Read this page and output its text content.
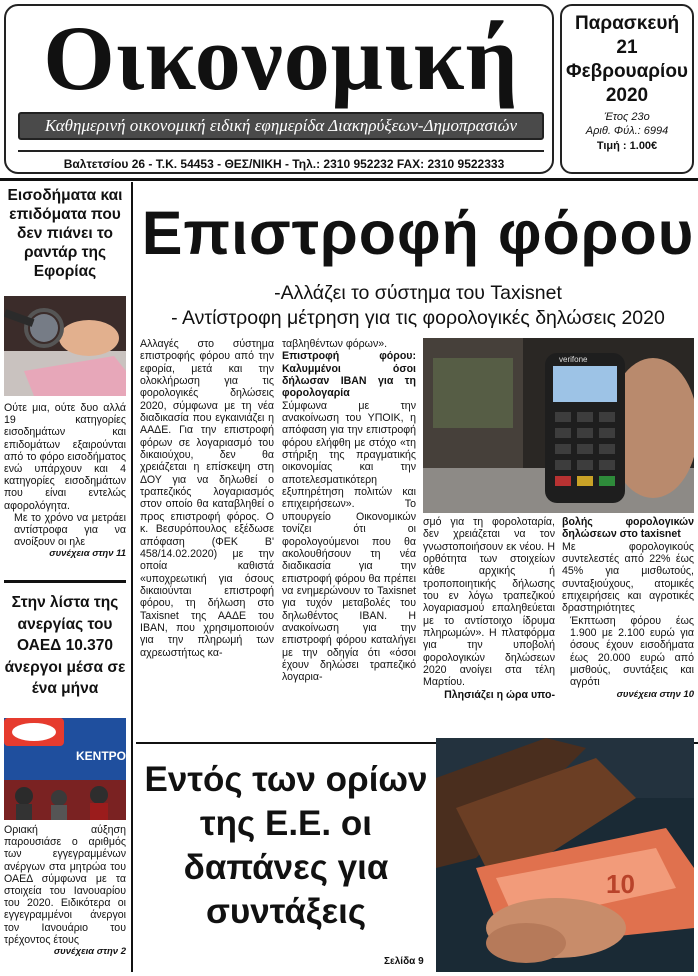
Οικονομική
Καθημερινή οικονομική ειδική εφημερίδα Διακηρύξεων-Δημοπρασιών
Βαλτετσίου 26 - Τ.Κ. 54453 - ΘΕΣ/ΝΙΚΗ - Τηλ.: 2310 952232 FAX: 2310 9522333
Παρασκευή
21
Φεβρουαρίου
2020
Έτος 23ο
Αριθ. Φύλ.: 6994
Τιμή : 1.00€
Εισοδήματα και επιδόματα που δεν πιάνει το ραντάρ της Εφορίας
Ούτε μια, ούτε δυο αλλά 19 κατηγορίες εισοδημάτων και επιδομάτων εξαιρούνται από το φόρο εισοδήματος ενώ υπάρχουν και 4 κατηγορίες εισοδημάτων που είναι εντελώς αφορολόγητα.
Με το χρόνο να μετράει αντίστροφα για να ανοίξουν οι ηλε
συνέχεια στην 11
Στην λίστα της ανεργίας του ΟΑΕΔ 10.370 άνεργοι μέσα σε ένα μήνα
ΚΕΝΤΡΟ
Οριακή αύξηση παρουσιάσε ο αριθμός των εγγεγραμμένων ανέργων στα μητρώα του ΟΑΕΔ σύμφωνα με τα στοιχεία του Ιανουαρίου του 2020. Ειδικότερα οι εγγεγραμμένοι άνεργοι τον Ιανουάριο του τρέχοντος έτους
συνέχεια στην 2
Επιστροφή φόρου
-Αλλάζει το σύστημα του Taxisnet
- Αντίστροφη μέτρηση για τις φορολογικές δηλώσεις 2020
Αλλαγές στο σύστημα επιστροφής φόρου από την εφορία, μετά και την ολοκλήρωση για τις φορολογικές δηλώσεις 2020, σύμφωνα με τη νέα διαδικασία που εγκαινιάζει η ΑΑΔΕ. Για την επιστροφή φόρων σε λογαριασμό του δικαιούχου, δεν θα χρειάζεται η επίσκεψη στη ΔΟΥ για να δηλωθεί ο τραπεζικός λογαριασμός στον οποίο θα καταβληθεί ο προς επιστροφή φόρος. Ο κ. Βεσυρόπουλος εξέδωσε απόφαση (ΦΕΚ Β' 458/14.02.2020) με την οποία καθιστά «υποχρεωτική για όσους δικαιούνται επιστροφή φόρου, τη δήλωση στο Taxisnet της ΑΑΔΕ του ΙΒΑΝ, που χρησιμοποιούν για την πληρωμή των αχρεωστήτως κα-
ταβληθέντων φόρων».
Επιστροφή φόρου: Καλυμμένοι όσοι δήλωσαν ΙΒΑΝ για τη φορολογαρία
Σύμφωνα με την ανακοίνωση του ΥΠΟΙΚ, η απόφαση για την επιστροφή φόρου ελήφθη με στόχο «τη στήριξη της πραγματικής οικονομίας και την αποτελεσματικότερη εξυπηρέτηση πολιτών και επιχειρήσεων». Το υπουργείο Οικονομικών τονίζει ότι οι φορολογούμενοι που θα ακολουθήσουν τη νέα διαδικασία για την επιστροφή φόρου θα πρέπει να ενημερώνουν το Taxisnet για τυχόν μεταβολές του δηλωθέντος ΙΒΑΝ. Η ανακοίνωση για την επιστροφή φόρου καταλήγει με την οδηγία ότι «όσοι έχουν δηλώσει τραπεζικό λογαρια-
verifone
σμό για τη φορολοταρία, δεν χρειάζεται να τον γνωστοποιήσουν εκ νέου. Η ορθότητα των στοιχείων κάθε αρχικής ή τροποποιητικής δήλωσης του εν λόγω τραπεζικού λογαριασμού επαληθεύεται με το αντίστοιχο ίδρυμα πληρωμών». Η πλατφόρμα για την υποβολή φορολογικών δηλώσεων 2020 ανοίγει στα τέλη Μαρτίου.
Πλησιάζει η ώρα υπο-
βολής φορολογικών δηλώσεων στο taxisnet
Με φορολογικούς συντελεστές από 22% έως 45% για μισθωτούς, συνταξιούχους, ατομικές επιχειρήσεις και αγροτικές δραστηριότητες
Έκπτωση φόρου έως 1.900 με 2.100 ευρώ για όσους έχουν εισοδήματα έως 20.000 ευρώ από μισθούς, συντάξεις και αγρότι
συνέχεια στην 10
Εντός των ορίων της Ε.Ε. οι δαπάνες για συντάξεις
Σελίδα 9
10
